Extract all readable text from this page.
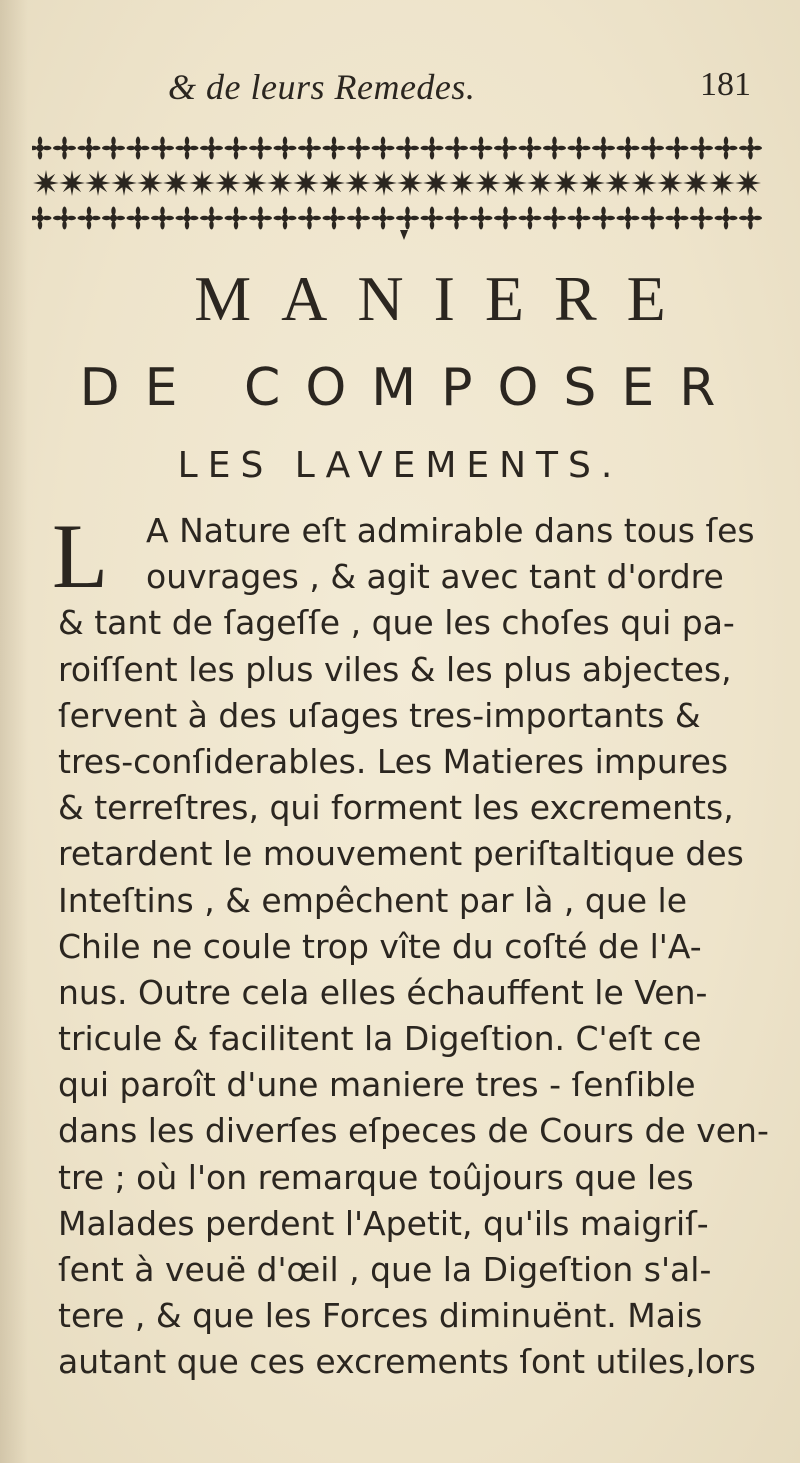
& de leurs Remedes.	181
MANIERE
DE COMPOSER
LES LAVEMENTS.
L	A Nature eſt admirable dans tous ſes
ouvrages , & agit avec tant d'ordre
& tant de ſageſſe , que les choſes qui pa-
roiſſent les plus viles & les plus abjectes,
ſervent à des uſages tres-importants &
tres-conſiderables. Les Matieres impures
& terreſtres, qui forment les excrements,
retardent le mouvement periſtaltique des
Inteſtins , & empêchent par là , que le
Chile ne coule trop vîte du coſté de l'A-
nus. Outre cela elles échauffent le Ven-
tricule & facilitent la Digeſtion. C'eſt ce
qui paroît d'une maniere tres - ſenſible
dans les diverſes eſpeces de Cours de ven-
tre ; où l'on remarque toûjours que les
Malades perdent l'Apetit, qu'ils maigriſ-
ſent à veuë d'œil , que la Digeſtion s'al-
tere , & que les Forces diminuënt. Mais
autant que ces excrements ſont utiles,lors
